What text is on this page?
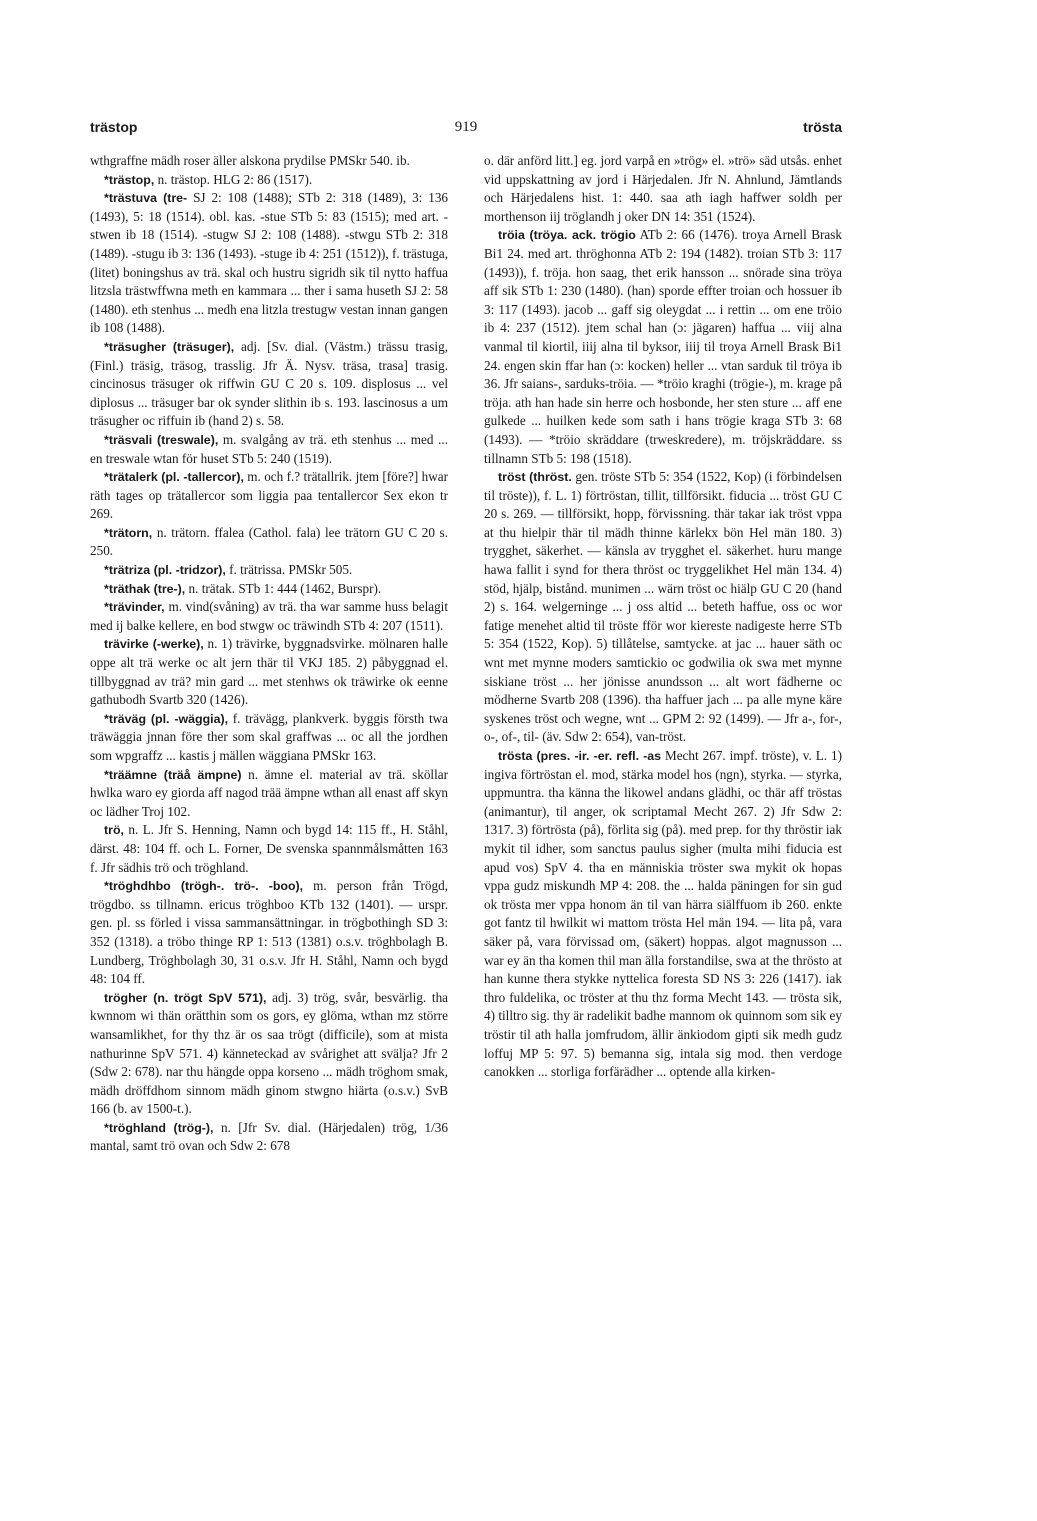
trästop	919	trösta

wthgraffne mädh roser äller alskona prydilse PMSkr 540. ib.

*trästop, n. trästop. HLG 2: 86 (1517).

*trästuva (tre- SJ 2: 108 (1488); STb 2: 318 (1489), 3: 136 (1493), 5: 18 (1514). obl. kas. -stue STb 5: 83 (1515); med art. -stwen ib 18 (1514). -stugw SJ 2: 108 (1488). -stwgu STb 2: 318 (1489). -stugu ib 3: 136 (1493). -stuge ib 4: 251 (1512)), f. trästuga, (litet) boningshus av trä. skal och hustru sigridh sik til nytto haffua litzsla trästwffwna meth en kammara ... ther i sama huseth SJ 2: 58 (1480). eth stenhus ... medh ena litzla trestugw vestan innan gangen ib 108 (1488).

*träsugher (träsuger), adj. [Sv. dial. (Västm.) trässu trasig, (Finl.) träsig, träsog, trasslig. Jfr Ä. Nysv. träsa, trasa] trasig. cincinosus träsuger ok riffwin GU C 20 s. 109. displosus ... vel diplosus ... träsuger bar ok synder slithin ib s. 193. lascinosus a um träsugher oc riffuin ib (hand 2) s. 58.

*träsvali (treswale), m. svalgång av trä. eth stenhus ... med ... en treswale wtan för huset STb 5: 240 (1519).

*trätalerk (pl. -tallercor), m. och f.? trätallrik. jtem [före?] hwar räth tages op trätallercor som liggia paa tentallercor Sex ekon tr 269.

*trätorn, n. trätorn. ffalea (Cathol. fala) lee trätorn GU C 20 s. 250.

*trätriza (pl. -tridzor), f. trätrissa. PMSkr 505.

*träthak (tre-), n. trätak. STb 1: 444 (1462, Burspr).

*trävinder, m. vind(svåning) av trä. tha war samme huss belagit med ij balke kellere, en bod stwgw oc träwindh STb 4: 207 (1511).

trävirke (-werke), n. 1) trävirke, byggnadsvirke. mölnaren halle oppe alt trä werke oc alt jern thär til VKJ 185. 2) påbyggnad el. tillbyggnad av trä? min gard ... met stenhws ok träwirke ok eenne gathubodh Svartb 320 (1426).

*träväg (pl. -wäggia), f. trävägg, plankverk. byggis försth twa träwäggia jnnan före ther som skal graffwas ... oc all the jordhen som wpgraffz ... kastis j mällen wäggiana PMSkr 163.

*träämne (träå ämpne) n. ämne el. material av trä. sköllar hwlka waro ey giorda aff nagod trää ämpne wthan all enast aff skyn oc lädher Troj 102.

trö, n. L. Jfr S. Henning, Namn och bygd 14: 115 ff., H. Ståhl, därst. 48: 104 ff. och L. Forner, De svenska spannmålsmåtten 163 f. Jfr sädhis trö och tröghland.

*tröghdhbo (trögh-. trö-. -boo), m. person från Trögd, trögdbo. ss tillnamn. ericus tröghboo KTb 132 (1401). — urspr. gen. pl. ss förled i vissa sammansättningar. in trögbothingh SD 3: 352 (1318). a tröbo thinge RP 1: 513 (1381) o.s.v. tröghbolagh B. Lundberg, Tröghbolagh 30, 31 o.s.v. Jfr H. Ståhl, Namn och bygd 48: 104 ff.

trögher (n. trögt SpV 571), adj. 3) trög, svår, besvärlig. tha kwnnom wi thän orätthin som os gors, ey glöma, wthan mz större wansamlikhet, for thy thz är os saa trögt (difficile), som at mista nathurinne SpV 571. 4) känneteckad av svårighet att svälja? Jfr 2 (Sdw 2: 678). nar thu hängde oppa korseno ... mädh tröghom smak, mädh dröffdhom sinnom mädh ginom stwgno hiärta (o.s.v.) SvB 166 (b. av 1500-t.).

*tröghland (trög-), n. [Jfr Sv. dial. (Härjedalen) trög, 1/36 mantal, samt trö ovan och Sdw 2: 678

o. där anförd litt.] eg. jord varpå en »trög» el. »trö» säd utsås. enhet vid uppskattning av jord i Härjedalen. Jfr N. Ahnlund, Jämtlands och Härjedalens hist. 1: 440. saa ath iagh haffwer soldh per morthenson iij tröglandh j oker DN 14: 351 (1524).

tröia (tröya. ack. trögio ATb 2: 66 (1476). troya Arnell Brask Bi1 24. med art. thröghonna ATb 2: 194 (1482). troian STb 3: 117 (1493)), f. tröja. hon saag, thet erik hansson ... snörade sina tröya aff sik STb 1: 230 (1480). (han) sporde effter troian och hossuer ib 3: 117 (1493). jacob ... gaff sig oleygdat ... i rettin ... om ene tröio ib 4: 237 (1512). jtem schal han (ɔ: jägaren) haffua ... viij alna vanmal til kiortil, iiij alna til byksor, iiij til troya Arnell Brask Bi1 24. engen skin ffar han (ɔ: kocken) heller ... vtan sarduk til tröya ib 36. Jfr saians-, sarduks-tröia. — *tröio kraghi (trögie-), m. krage på tröja. ath han hade sin herre och hosbonde, her sten sture ... aff ene gulkede ... huilken kede som sath i hans trögie kraga STb 3: 68 (1493). — *tröio skräddare (trweskredere), m. tröjskräddare. ss tillnamn STb 5: 198 (1518).

tröst (thröst. gen. tröste STb 5: 354 (1522, Kop) (i förbindelsen til tröste)), f. L. 1) förtröstan, tillit, tillförsikt. fiducia ... tröst GU C 20 s. 269. — tillförsikt, hopp, förvissning. thär takar iak tröst vppa at thu hielpir thär til mädh thinne kärlekx bön Hel män 180. 3) trygghet, säkerhet. — känsla av trygghet el. säkerhet. huru mange hawa fallit i synd for thera thröst oc tryggelikhet Hel män 134. 4) stöd, hjälp, bistånd. munimen ... wärn tröst oc hiälp GU C 20 (hand 2) s. 164. welgerninge ... j oss altid ... beteth haffue, oss oc wor fatige menehet altid til tröste fför wor kiereste nadigeste herre STb 5: 354 (1522, Kop). 5) tillåtelse, samtycke. at jac ... hauer säth oc wnt met mynne moders samtickio oc godwilia ok swa met mynne siskiane tröst ... her jönisse anundsson ... alt wort fädherne oc mödherne Svartb 208 (1396). tha haffuer jach ... pa alle myne käre syskenes tröst och wegne, wnt ... GPM 2: 92 (1499). — Jfr a-, for-, o-, of-, til- (äv. Sdw 2: 654), van-tröst.

trösta (pres. -ir. -er. refl. -as Mecht 267. impf. tröste), v. L. 1) ingiva förtröstan el. mod, stärka model hos (ngn), styrka. — styrka, uppmuntra. tha känna the likowel andans glädhi, oc thär aff tröstas (animantur), til anger, ok scriptamal Mecht 267. 2) Jfr Sdw 2: 1317. 3) förtrösta (på), förlita sig (på). med prep. for thy thröstir iak mykit til idher, som sanctus paulus sigher (multa mihi fiducia est apud vos) SpV 4. tha en människia tröster swa mykit ok hopas vppa gudz miskundh MP 4: 208. the ... halda päningen for sin gud ok trösta mer vppa honom än til van härra siälffuom ib 260. enkte got fantz til hwilkit wi mattom trösta Hel män 194. — lita på, vara säker på, vara förvissad om, (säkert) hoppas. algot magnusson ... war ey än tha komen thil man älla forstandilse, swa at the thrösto at han kunne thera stykke nyttelica foresta SD NS 3: 226 (1417). iak thro fuldelika, oc tröster at thu thz forma Mecht 143. — trösta sik, 4) tilltro sig. thy är radelikit badhe mannom ok quinnom som sik ey tröstir til ath halla jomfrudom, ällir änkiodom gipti sik medh gudz loffuj MP 5: 97. 5) bemanna sig, intala sig mod. then verdoge canokken ... storliga forfärädher ... optende alla kirken-
